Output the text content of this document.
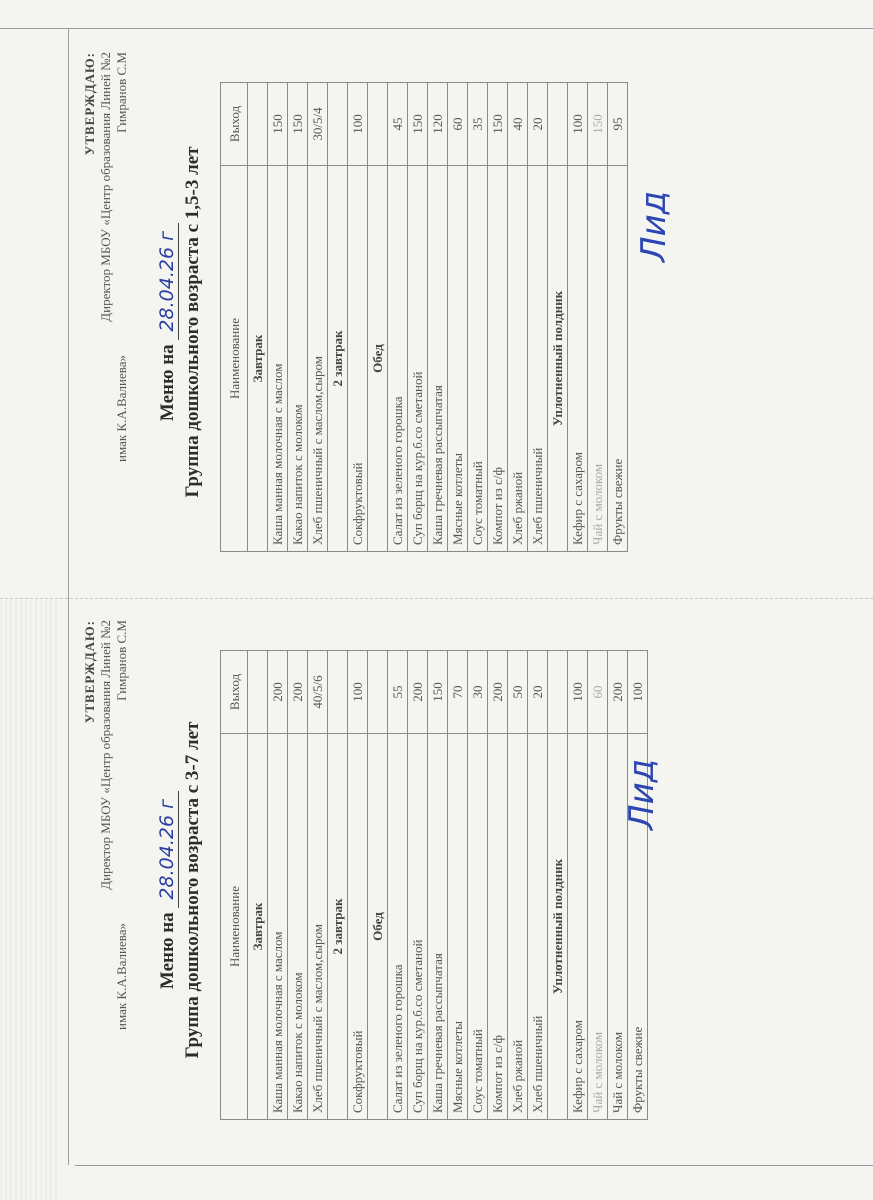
УТВЕРЖДАЮ: Директор МБОУ «Центр образования Линей №2
имак К.А.Валиева»
Гимранов С.М
Меню на 28.04.26 г Группа дошкольного возраста с 1,5-3 лет Наименование	Выход
Завтрак	
Каша манная молочная с маслом	150
Какао напиток с молоком	150
Хлеб пшеничный с маслом,сыром	30/5/4
2 завтрак	
Сокфруктовый	100
Обед	
Салат из зеленого горошка	45
Суп борщ на кур.б.со сметаной	150
Каша гречневая рассыпчатая	120
Мясные котлеты	60
Соус томатный	35
Компот из с/ф	150
Хлеб ржаной	40
Хлеб пшеничный	20
Уплотненный полдник	
Кефир с сахаром	100
Чай с молоком	150
Фрукты свежие	95
Лид
УТВЕРЖДАЮ: Директор МБОУ «Центр образования Линей №2
имак К.А.Валиева»
Гимранов С.М
Меню на 28.04.26 г Группа дошкольного возраста с 3-7 лет Наименование	Выход
Завтрак	
Каша манная молочная с маслом	200
Какао напиток с молоком	200
Хлеб пшеничный с маслом,сыром	40/5/6
2 завтрак	
Сокфруктовый	100
Обед	
Салат из зеленого горошка	55
Суп борщ на кур.б.со сметаной	200
Каша гречневая рассыпчатая	150
Мясные котлеты	70
Соус томатный	30
Компот из с/ф	200
Хлеб ржаной	50
Хлеб пшеничный	20
Уплотненный полдник	
Кефир с сахаром	100
Чай с молоком	60
Чай с молоком	200
Фрукты свежие	100
Лид
